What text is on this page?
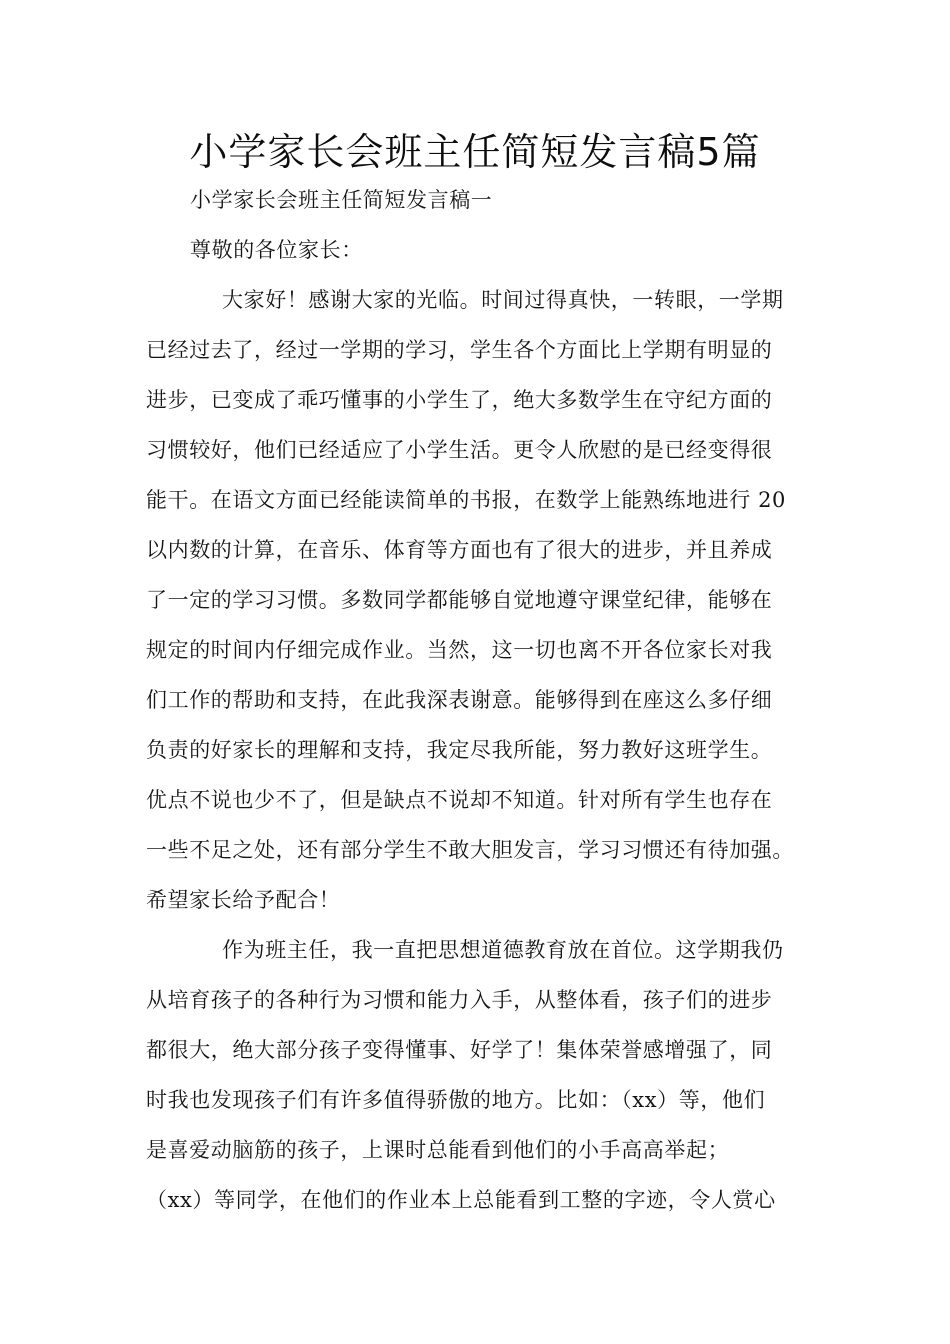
小学家长会班主任简短发言稿5篇
小学家长会班主任简短发言稿一
尊敬的各位家长：
大家好！感谢大家的光临。时间过得真快，一转眼，一学期
已经过去了，经过一学期的学习，学生各个方面比上学期有明显的
进步，已变成了乖巧懂事的小学生了，绝大多数学生在守纪方面的
习惯较好，他们已经适应了小学生活。更令人欣慰的是已经变得很
能干。在语文方面已经能读简单的书报，在数学上能熟练地进行 20
以内数的计算，在音乐、体育等方面也有了很大的进步，并且养成
了一定的学习习惯。多数同学都能够自觉地遵守课堂纪律，能够在
规定的时间内仔细完成作业。当然，这一切也离不开各位家长对我
们工作的帮助和支持，在此我深表谢意。能够得到在座这么多仔细
负责的好家长的理解和支持，我定尽我所能，努力教好这班学生。
优点不说也少不了，但是缺点不说却不知道。针对所有学生也存在
一些不足之处，还有部分学生不敢大胆发言，学习习惯还有待加强。
希望家长给予配合！
作为班主任，我一直把思想道德教育放在首位。这学期我仍
从培育孩子的各种行为习惯和能力入手，从整体看，孩子们的进步
都很大，绝大部分孩子变得懂事、好学了！集体荣誉感增强了，同
时我也发现孩子们有许多值得骄傲的地方。比如：（xx）等，他们
是喜爱动脑筋的孩子，上课时总能看到他们的小手高高举起；
（xx）等同学，在他们的作业本上总能看到工整的字迹，令人赏心
